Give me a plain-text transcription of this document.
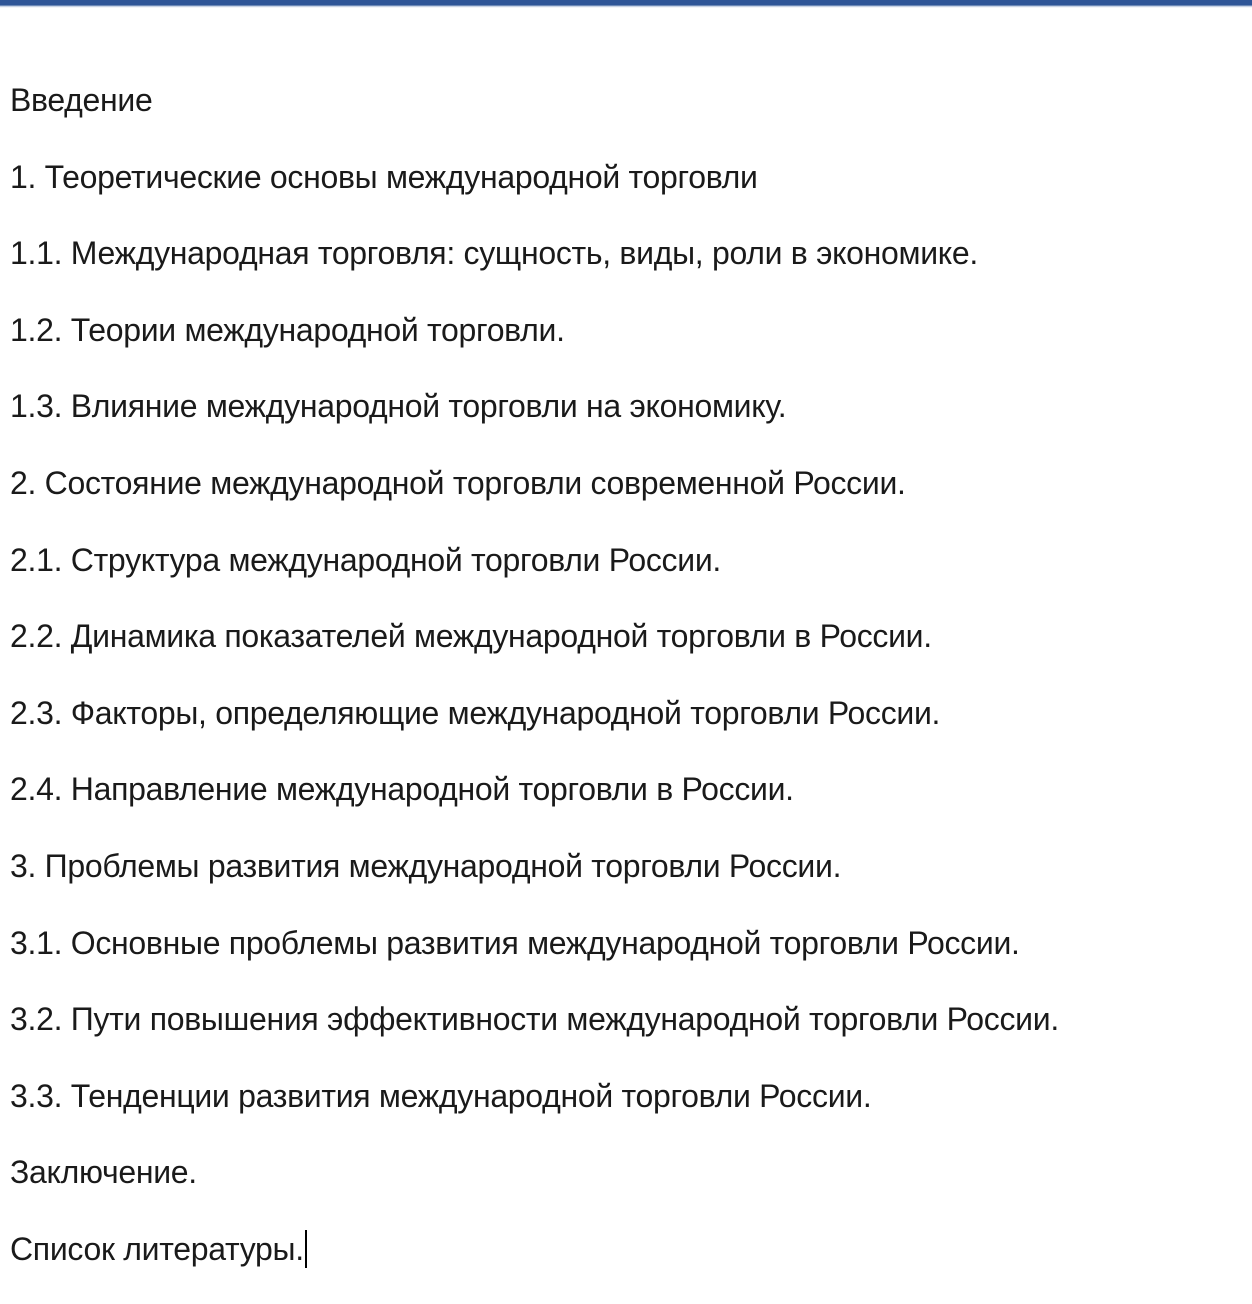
Введение
1. Теоретические основы международной торговли
1.1. Международная торговля: сущность, виды, роли в экономике.
1.2. Теории международной торговли.
1.3. Влияние международной торговли на экономику.
2. Состояние международной торговли современной России.
2.1. Структура международной торговли России.
2.2. Динамика показателей международной торговли в России.
2.3. Факторы, определяющие международной торговли России.
2.4. Направление международной торговли в России.
3. Проблемы развития международной торговли России.
3.1. Основные проблемы развития международной торговли России.
3.2. Пути повышения эффективности международной торговли России.
3.3. Тенденции развития международной торговли России.
Заключение.
Список литературы.
